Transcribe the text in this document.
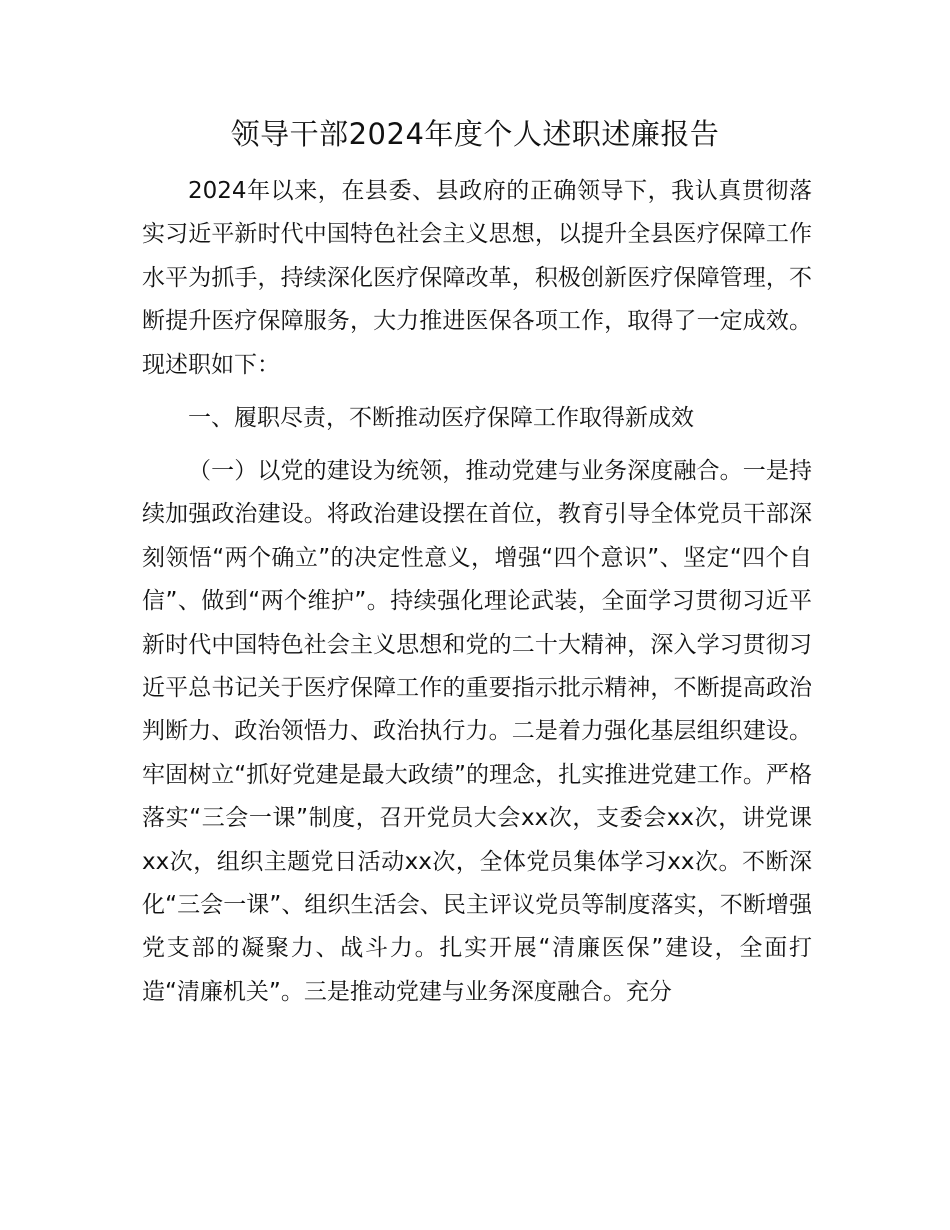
领导干部2024年度个人述职述廉报告

2024年以来，在县委、县政府的正确领导下，我认真贯彻落实习近平新时代中国特色社会主义思想，以提升全县医疗保障工作水平为抓手，持续深化医疗保障改革，积极创新医疗保障管理，不断提升医疗保障服务，大力推进医保各项工作，取得了一定成效。现述职如下：

一、履职尽责，不断推动医疗保障工作取得新成效

（一）以党的建设为统领，推动党建与业务深度融合。一是持续加强政治建设。将政治建设摆在首位，教育引导全体党员干部深刻领悟“两个确立”的决定性意义，增强“四个意识”、坚定“四个自信”、做到“两个维护”。持续强化理论武装，全面学习贯彻习近平新时代中国特色社会主义思想和党的二十大精神，深入学习贯彻习近平总书记关于医疗保障工作的重要指示批示精神，不断提高政治判断力、政治领悟力、政治执行力。二是着力强化基层组织建设。牢固树立“抓好党建是最大政绩”的理念，扎实推进党建工作。严格落实“三会一课”制度，召开党员大会xx次，支委会xx次，讲党课xx次，组织主题党日活动xx次，全体党员集体学习xx次。不断深化“三会一课”、组织生活会、民主评议党员等制度落实，不断增强党支部的凝聚力、战斗力。扎实开展“清廉医保”建设，全面打造“清廉机关”。三是推动党建与业务深度融合。充分
